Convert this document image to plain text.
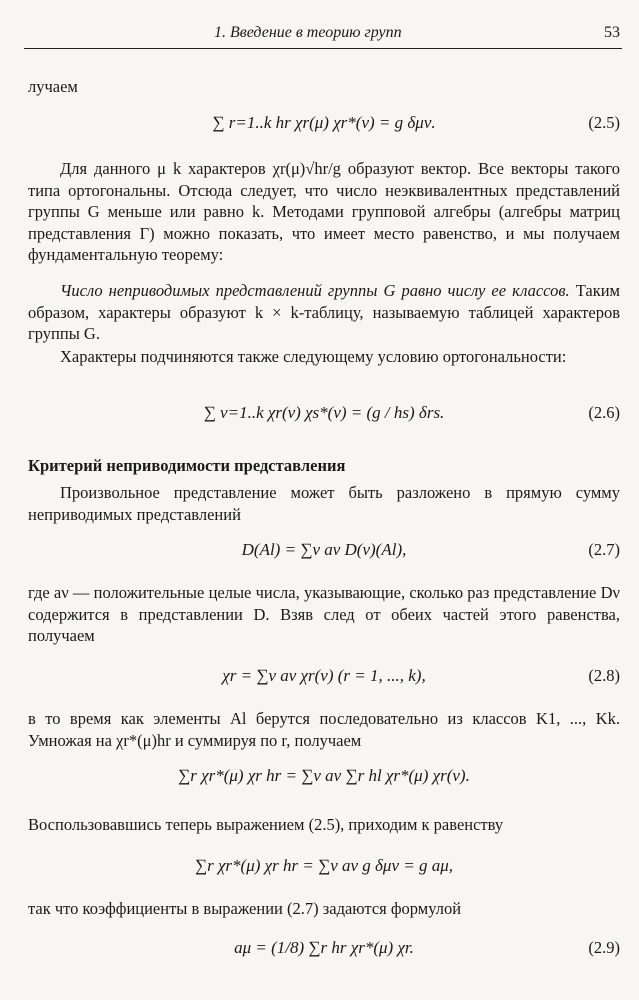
1. Введение в теорию групп	53
лучаем
∑ r=1..k hr χr(μ) χr*(ν) = g δμν.	(2.5)
Для данного μ k характеров χr(μ)√hr/g образуют вектор. Все векторы такого типа ортогональны. Отсюда следует, что число неэквивалентных представлений группы G меньше или равно k. Методами групповой алгебры (алгебры матриц представления Γ) можно показать, что имеет место равенство, и мы получаем фундаментальную теорему:
Число неприводимых представлений группы G равно числу ее классов. Таким образом, характеры образуют k × k-таблицу, называемую таблицей характеров группы G.
Характеры подчиняются также следующему условию ортогональности:
∑ ν=1..k χr(ν) χs*(ν) = (g / hs) δrs.	(2.6)
Критерий неприводимости представления
Произвольное представление может быть разложено в прямую сумму неприводимых представлений
D(Al) = ∑ν aν D(ν)(Al),	(2.7)
где aν — положительные целые числа, указывающие, сколько раз представление Dν содержится в представлении D. Взяв след от обеих частей этого равенства, получаем
χr = ∑ν aν χr(ν) (r = 1, ..., k),	(2.8)
в то время как элементы Al берутся последовательно из классов K1, ..., Kk. Умножая на χr*(μ)hr и суммируя по r, получаем
∑r χr*(μ) χr hr = ∑ν aν ∑r hl χr*(μ) χr(ν).
Воспользовавшись теперь выражением (2.5), приходим к равенству
∑r χr*(μ) χr hr = ∑ν aν g δμν = g aμ,
так что коэффициенты в выражении (2.7) задаются формулой
aμ = (1/8) ∑r hr χr*(μ) χr.	(2.9)
